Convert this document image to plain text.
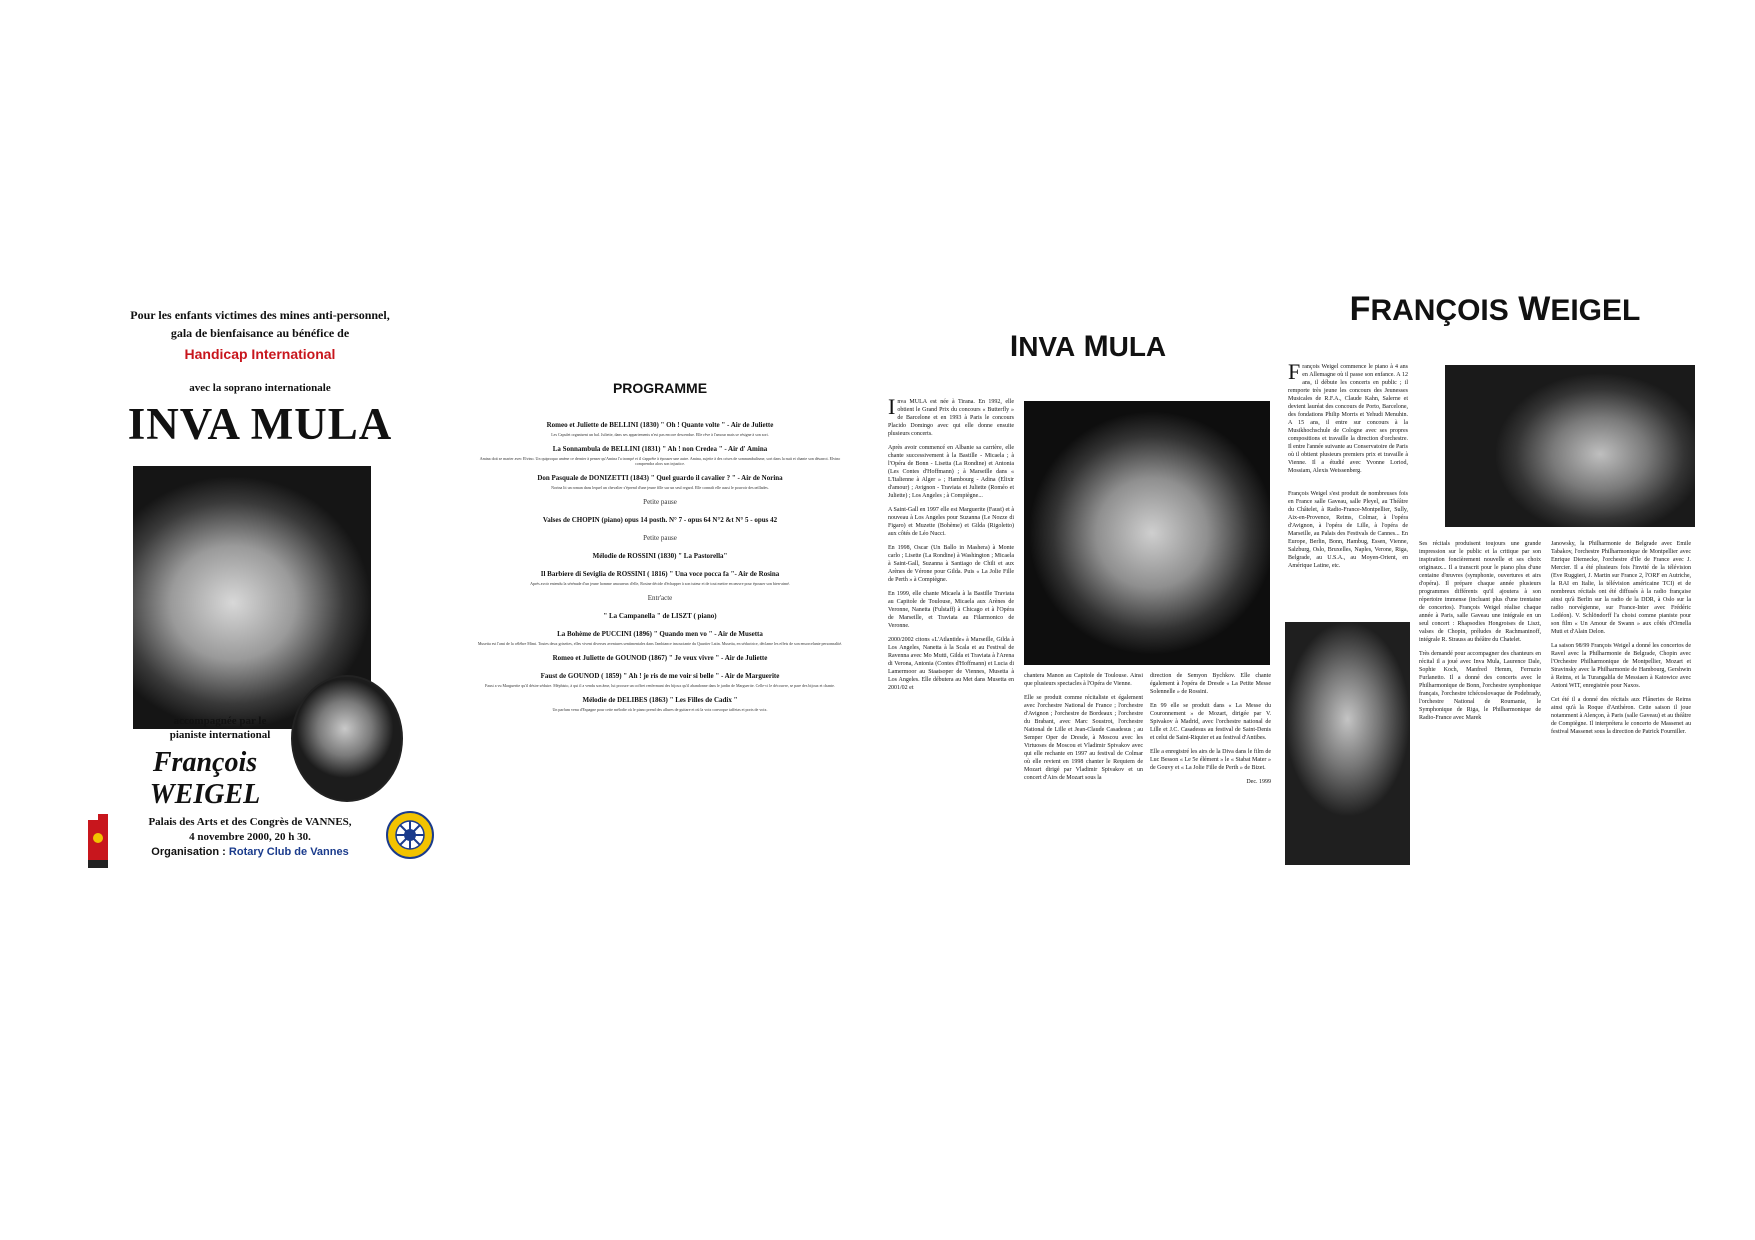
Pour les enfants victimes des mines anti-personnel,
gala de bienfaisance au bénéfice de
Handicap International
avec la soprano internationale
INVA MULA
accompagnée par le
pianiste international
François WEIGEL
Palais des Arts et des Congrès de VANNES,
4 novembre 2000, 20 h 30.
Organisation : Rotary Club de Vannes
PROGRAMME
Romeo et Juliette de BELLINI (1830) " Oh ! Quante volte " - Air de Juliette
Les Capulet organisent un bal. Juliette, dans ses appartements n'est pas encore descendue. Elle rêve à l'amour mais se résigne à son sort.
La Sonnambula de BELLINI (1831) " Ah ! non Credea " - Air d' Amina
Amina doit se marier avec Elvino. Un quiproquo amène ce dernier à penser qu'Amina l'a trompé et il s'apprête à épouser une autre. Amina, sujette à des crises de somnambulisme, sort dans la nuit et chante son désarroi. Elvino comprendra alors son injustice.
Don Pasquale de DONIZETTI (1843) " Quel guardo il cavalier ? " - Air de Norina
Norina lit un roman dans lequel un chevalier s'éprend d'une jeune fille sur un seul regard. Elle connaît elle aussi le pouvoir des œillades.
Petite pause
Valses de CHOPIN (piano) opus 14 posth. N° 7 - opus 64 N°2 &t N° 5 - opus 42
Petite pause
Mélodie de ROSSINI (1830) " La Pastorella"
Il Barbiere di Seviglia de ROSSINI ( 1816) " Una voce pocca fa "- Air de Rosina
Après avoir entendu la sérénade d'un jeune homme amoureux d'elle, Rosine décide d'échapper à son tuteur et de tout mettre en œuvre pour épouser son bien-aimé.
Entr'acte
" La Campanella " de LISZT ( piano)
La Bohème de PUCCINI (1896) " Quando men vo " - Air de Musetta
Musetta est l'ami de la célèbre Mimi. Toutes deux grisettes, elles vivent diverses aventures sentimentales dans l'ambiance insouciante du Quartier Latin. Musetta, en séductrice, déclame les effets de son ensorcelante personnalité.
Romeo et Juliette de GOUNOD (1867) " Je veux vivre " - Air de Juliette
Faust de GOUNOD ( 1859) " Ah ! je ris de me voir si belle " - Air de Marguerite
Faust a vu Marguerite qu'il désire séduire. Méphisto, à qui il a vendu son âme, lui procure un coffret renfermant des bijoux qu'il abandonne dans le jardin de Marguerite. Celle-ci le découvre, se pare des bijoux et chante.
Mélodie de DELIBES (1863) " Les Filles de Cadix "
Un parfum venu d'Espagne pour cette mélodie où le piano prend des allures de guitare et où la voix convoque taffetas et ports de voix.
INVA MULA

Inva MULA est née à Tirana. En 1992, elle obtient le Grand Prix du concours « Butterfly » de Barcelone et en 1993 à Paris le concours Placido Domingo avec qui elle donne ensuite plusieurs concerts.

Après avoir commencé en Albanie sa carrière, elle chante successivement à la Bastille - Micaela ; à l'Opéra de Bonn - Lisetta (La Rondine) et Antonia (Les Contes d'Hoffmann) ; à Marseille dans « L'Italienne à Alger » ; Hambourg - Adina (Elixir d'amour) ; Avignon - Traviata et Juliette (Roméo et Juliette) ; Los Angeles ; à Compiègne...

A Saint-Gall en 1997 elle est Marguerite (Faust) et à nouveau à Los Angeles pour Suzanna (Le Nozze di Figaro) et Muzette (Bohème) et Gilda (Rigoletto) aux côtés de Léo Nucci.

En 1998, Oscar (Un Ballo in Mashera) à Monte carlo ; Lisette (La Rondine) à Washington ; Micaela à Saint-Gall, Suzanna à Santiago de Chili et aux Arènes de Vérone pour Gilda. Puis « La Jolie Fille de Perth » à Compiègne.

En 1999, elle chante Micaela à la Bastille Traviata au Capitole de Toulouse, Micaela aux Arènes de Veronne, Nanetta (Fulstaff) à Chicago et à l'Opéra de Marseille, et Traviata au Filarmonico de Veronne.

2000/2002 citons «L'Atlantide» à Marseille, Gilda à Los Angeles, Nanetta à la Scala et au Festival de Ravenna avec Mo Mutti, Gilda et Traviata à l'Arena di Verona, Antonia (Contes d'Hoffmann) et Lucia di Lamermoor au Staatsoper de Viennes, Musetta à Los Angeles. Elle débutera au Met dans Musetta en 2001/02 et

chantera Manon au Capitole de Toulouse. Ainsi que plusieurs spectacles à l'Opéra de Vienne.

Elle se produit comme récitaliste et également avec l'orchestre National de France ; l'orchestre d'Avignon ; l'orchestre de Bordeaux ; l'orchestre du Brabant, avec Marc Soustrot, l'orchestre National de Lille et Jean-Claude Casadesus ; au Semper Oper de Dresde, à Moscou avec les Virtuoses de Moscou et Vladimir Spivakov avec qui elle rechante en 1997 au festival de Colmar où elle revient en 1998 chanter le Requiem de Mozart dirigé par Vladimir Spivakov et un concert d'Airs de Mozart sous la

direction de Semyon Bychkov. Elle chante également à l'opéra de Dresde « La Petite Messe Solennelle » de Rossini.

En 99 elle se produit dans « La Messe du Couronnement » de Mozart, dirigée par V. Spivakov à Madrid, avec l'orchestre national de Lille et J.C. Casadesus au festival de Saint-Denis et celui de Saint-Riquier et au festival d'Antibes.

Elle a enregistré les airs de la Diva dans le film de Luc Besson « Le 5e élément » le « Stabat Mater » de Gouvy et « La Jolie Fille de Perth » de Bizet.

Dec. 1999
FRANÇOIS WEIGEL

François Weigel commence le piano à 4 ans en Allemagne où il passe son enfance. A 12 ans, il débute les concerts en public ; il remporte très jeune les concours des Jeunesses Musicales de R.F.A., Claude Kahn, Salerne et devient lauréat des concours de Porto, Barcelone, des fondations Philip Morris et Yehudi Menuhin. A 15 ans, il entre sur concours à la Musikhochschule de Cologne avec ses propres compositions et travaille la direction d'orchestre. Il entre l'année suivante au Conservatoire de Paris où il obtient plusieurs premiers prix et travaille à Vienne. Il a étudié avec Yvonne Loriod, Mossiam, Alexis Weissenberg.

François Weigel s'est produit de nombreuses fois en France salle Gaveau, salle Pleyel, au Théâtre du Châtelet, à Radio-France-Montpellier, Sully, Aix-en-Provence, Reims, Colmar, à l'opéra d'Avignon, à l'opéra de Lille, à l'opéra de Marseille, au Palais des Festivals de Cannes... En Europe, Berlin, Bonn, Hambug, Essen, Vienne, Salzburg, Oslo, Bruxelles, Naples, Verone, Riga, Belgrade, au U.S.A., au Moyen-Orient, en Amérique Latine, etc.

Ses récitals produisent toujours une grande impression sur le public et la critique par son inspiration foncièrement nouvelle et ses choix originaux... Il a transcrit pour le piano plus d'une centaine d'œuvres (symphonie, ouvertures et airs d'opéra). Il prépare chaque année plusieurs programmes différents qu'il ajoutera à son répertoire immense (incluant plus d'une trentaine de concertos). François Weigel réalise chaque année à Paris, salle Gaveau une intégrale en un seul concert : Rhapsodies Hongroises de Liszt, valses de Chopin, préludes de Rachmaninoff, intégrale R. Strauss au théâtre du Chatelet.

Très demandé pour accompagner des chanteurs en récital il a joué avec Inva Mula, Laurence Dale, Sophie Koch, Manfred Hemm, Ferruzio Furlanetto. Il a donné des concerts avec le Philharmonique de Bonn, l'orchestre symphonique français, l'orchestre tchécoslovaque de Podebrady, l'orchestre National de Roumanie, le Symphonique de Riga, le Philharmonique de Radio-France avec Marek

Janowsky, la Philharmonie de Belgrade avec Emile Tabakov, l'orchestre Philharmonique de Montpellier avec Enrique Diemecke, l'orchestre d'Ile de France avec J. Mercier. Il a été plusieurs fois l'invité de la télévision (Eve Ruggieri, J. Martin sur France 2, l'ORF en Autriche, la RAI en Italie, la télévision américaine TCI) et de nombreux récitals ont été diffusés à la radio française ainsi qu'à Berlin sur la radio de la DDR, à Oslo sur la radio norvégienne, sur France-Inter avec Frédéric Lodéon). V. Schlöndorff l'a choisi comme pianiste pour son film « Un Amour de Swann » aux côtés d'Ornella Muti et d'Alain Delon.

La saison 98/99 François Weigel a donné les concertos de Ravel avec la Philharmonie de Belgrade, Chopin avec l'Orchestre Philharmonique de Montpellier, Mozart et Stravinsky avec la Philharmonie de Hambourg, Gershwin à Reims, et la Turangalila de Messiaen à Katowice avec Antoni WIT, enregistrée pour Naxos.

Cet été il a donné des récitals aux Flâneries de Reims ainsi qu'à la Roque d'Anthéron. Cette saison il joue notamment à Alençon, à Paris (salle Gaveau) et au théâtre de Compiègne. Il interprétera le concerto de Massenet au festival Massenet sous la direction de Patrick Fourniller.
